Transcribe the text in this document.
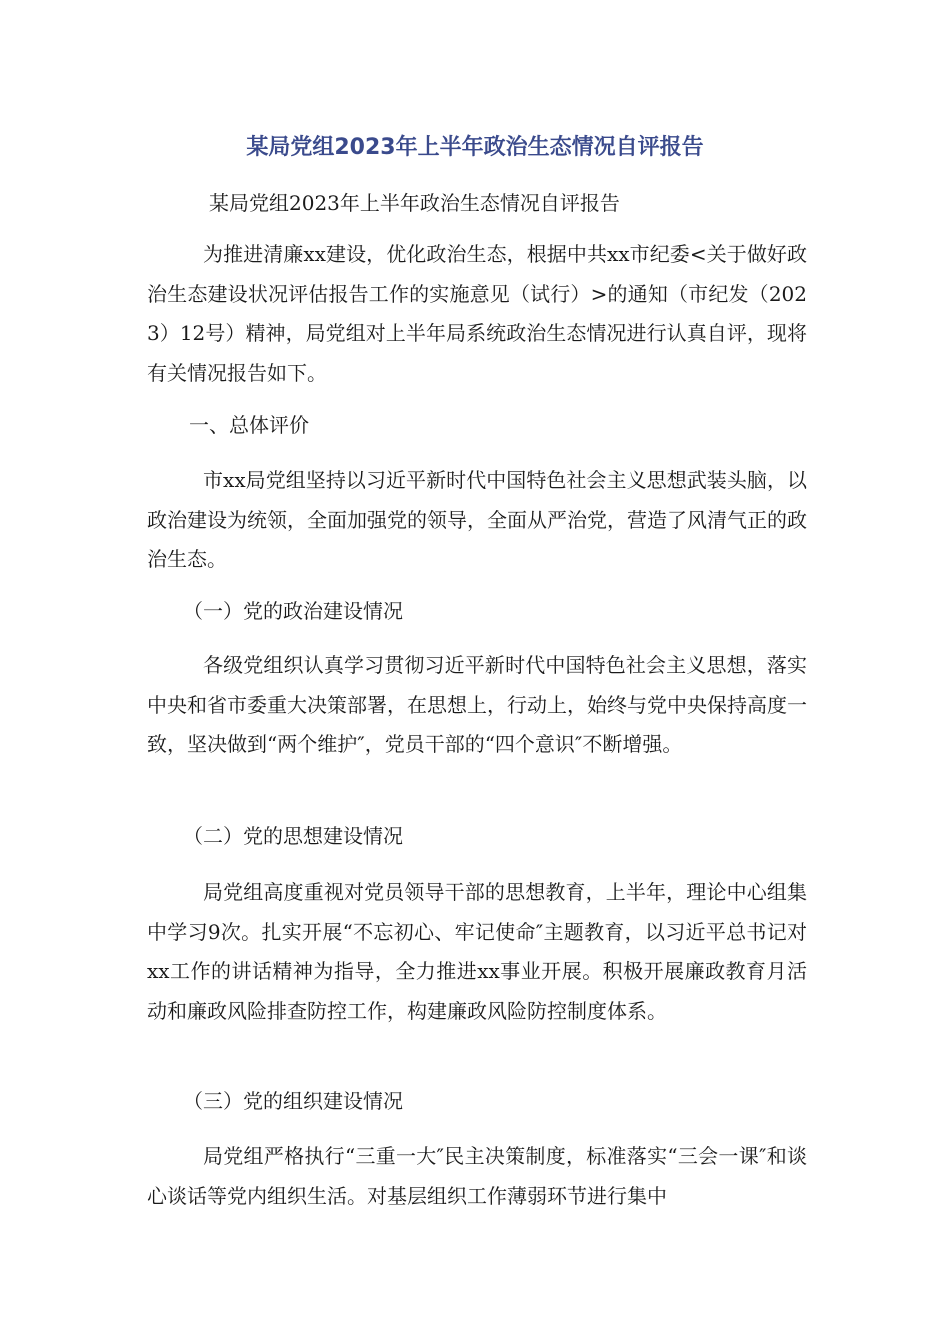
某局党组2023年上半年政治生态情况自评报告

某局党组2023年上半年政治生态情况自评报告

为推进清廉xx建设，优化政治生态，根据中共xx市纪委<关于做好政治生态建设状况评估报告工作的实施意见（试行）>的通知（市纪发（2023）12号）精神，局党组对上半年局系统政治生态情况进行认真自评，现将有关情况报告如下。

一、总体评价

市xx局党组坚持以习近平新时代中国特色社会主义思想武装头脑，以政治建设为统领，全面加强党的领导，全面从严治党，营造了风清气正的政治生态。

（一）党的政治建设情况

各级党组织认真学习贯彻习近平新时代中国特色社会主义思想，落实中央和省市委重大决策部署，在思想上，行动上，始终与党中央保持高度一致，坚决做到“两个维护″，党员干部的“四个意识″不断增强。

（二）党的思想建设情况

局党组高度重视对党员领导干部的思想教育，上半年，理论中心组集中学习9次。扎实开展“不忘初心、牢记使命″主题教育，以习近平总书记对xx工作的讲话精神为指导，全力推进xx事业开展。积极开展廉政教育月活动和廉政风险排查防控工作，构建廉政风险防控制度体系。

（三）党的组织建设情况

局党组严格执行“三重一大″民主决策制度，标准落实“三会一课″和谈心谈话等党内组织生活。对基层组织工作薄弱环节进行集中
